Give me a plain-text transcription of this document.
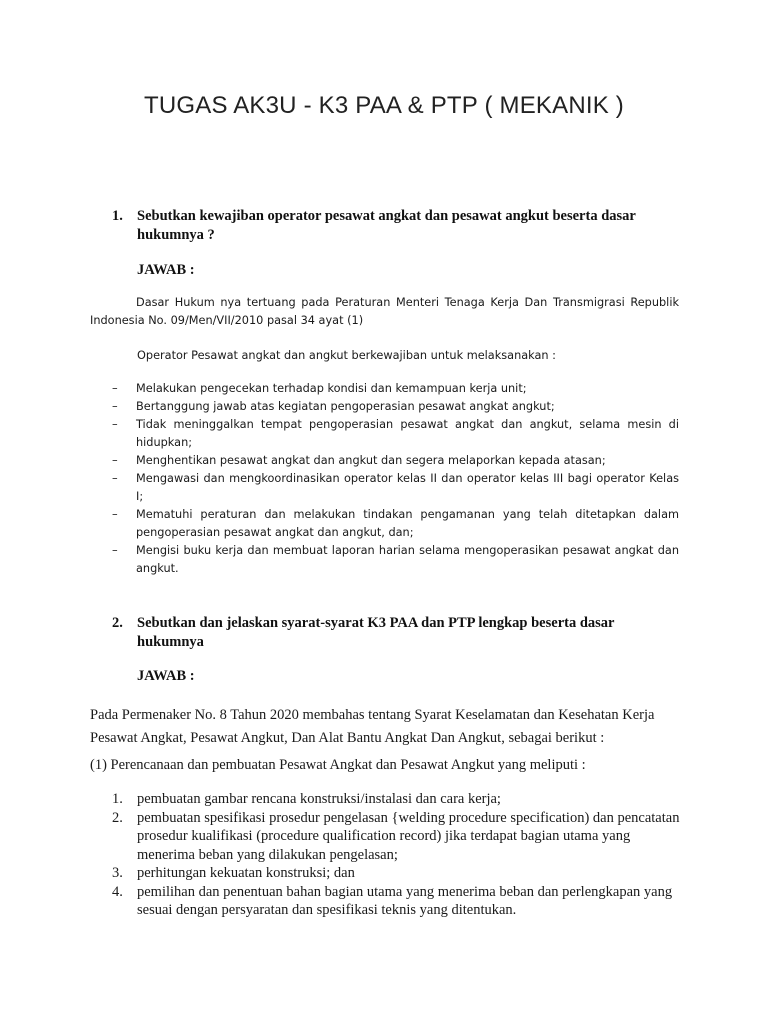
TUGAS AK3U - K3 PAA & PTP ( MEKANIK )
1. Sebutkan kewajiban operator pesawat angkat dan pesawat angkut beserta dasar hukumnya ?
JAWAB :
Dasar Hukum nya tertuang pada Peraturan Menteri Tenaga Kerja Dan Transmigrasi Republik Indonesia No. 09/Men/VII/2010 pasal 34 ayat (1)
Operator Pesawat angkat dan angkut berkewajiban untuk melaksanakan :
– Melakukan pengecekan terhadap kondisi dan kemampuan kerja unit;
– Bertanggung jawab atas kegiatan pengoperasian pesawat angkat angkut;
– Tidak meninggalkan tempat pengoperasian pesawat angkat dan angkut, selama mesin di hidupkan;
– Menghentikan pesawat angkat dan angkut dan segera melaporkan kepada atasan;
– Mengawasi dan mengkoordinasikan operator kelas II dan operator kelas III bagi operator Kelas I;
– Mematuhi peraturan dan melakukan tindakan pengamanan yang telah ditetapkan dalam pengoperasian pesawat angkat dan angkut, dan;
– Mengisi buku kerja dan membuat laporan harian selama mengoperasikan pesawat angkat dan angkut.
2. Sebutkan dan jelaskan syarat-syarat K3 PAA dan PTP lengkap beserta dasar hukumnya
JAWAB :
Pada Permenaker No. 8 Tahun 2020 membahas tentang Syarat Keselamatan dan Kesehatan Kerja Pesawat Angkat, Pesawat Angkut, Dan Alat Bantu Angkat Dan Angkut, sebagai berikut :
(1) Perencanaan dan pembuatan Pesawat Angkat dan Pesawat Angkut yang meliputi :
1. pembuatan gambar rencana konstruksi/instalasi dan cara kerja;
2. pembuatan spesifikasi prosedur pengelasan {welding procedure specification) dan pencatatan prosedur kualifikasi (procedure qualification record) jika terdapat bagian utama yang menerima beban yang dilakukan pengelasan;
3. perhitungan kekuatan konstruksi; dan
4. pemilihan dan penentuan bahan bagian utama yang menerima beban dan perlengkapan yang sesuai dengan persyaratan dan spesifikasi teknis yang ditentukan.
